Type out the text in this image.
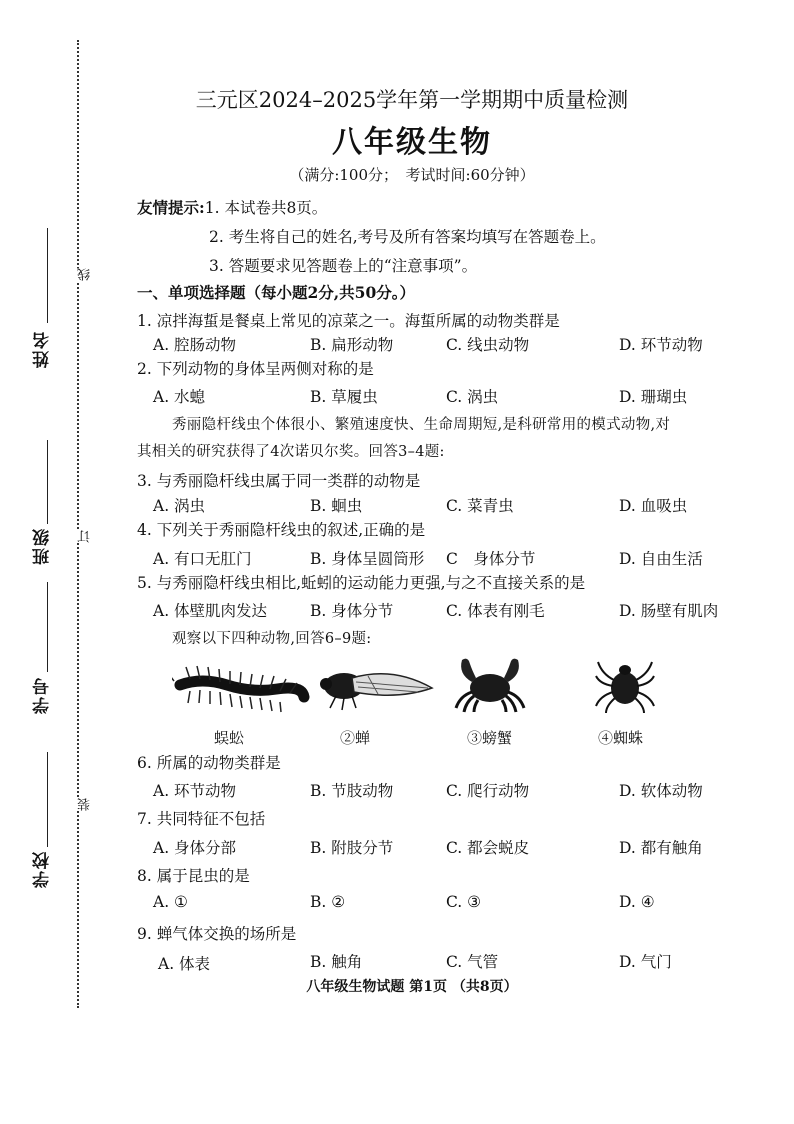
姓名
班级
学号
学校
线
订
装
三元区2024–2025学年第一学期期中质量检测
八年级生物
（满分:100分；　考试时间:60分钟）
友情提示:1. 本试卷共8页。
2. 考生将自己的姓名,考号及所有答案均填写在答题卷上。
3. 答题要求见答题卷上的“注意事项”。
一、单项选择题（每小题2分,共50分。）
1. 凉拌海蜇是餐桌上常见的凉菜之一。海蜇所属的动物类群是
A. 腔肠动物	B. 扁形动物	C. 线虫动物	D. 环节动物
2. 下列动物的身体呈两侧对称的是
A. 水螅	B. 草履虫	C. 涡虫	D. 珊瑚虫
秀丽隐杆线虫个体很小、繁殖速度快、生命周期短,是科研常用的模式动物,对
其相关的研究获得了4次诺贝尔奖。回答3–4题:
3. 与秀丽隐杆线虫属于同一类群的动物是
A. 涡虫	B. 蛔虫	C. 菜青虫	D. 血吸虫
4. 下列关于秀丽隐杆线虫的叙述,正确的是
A. 有口无肛门	B. 身体呈圆筒形 C　身体分节	D. 自由生活
5. 与秀丽隐杆线虫相比,蚯蚓的运动能力更强,与之不直接关系的是
A. 体壁肌肉发达	B. 身体分节	C. 体表有刚毛	D. 肠壁有肌肉
观察以下四种动物,回答6–9题:
蜈蚣	②蝉	③螃蟹	④蜘蛛
6. 所属的动物类群是
A. 环节动物	B. 节肢动物	C. 爬行动物	D. 软体动物
7. 共同特征不包括
A. 身体分部	B. 附肢分节	C. 都会蜕皮	D. 都有触角
8. 属于昆虫的是
A. ①	B. ②	C. ③	D. ④
9. 蝉气体交换的场所是
A. 体表	B. 触角	C. 气管	D. 气门
八年级生物试题 第1页 （共8页）
